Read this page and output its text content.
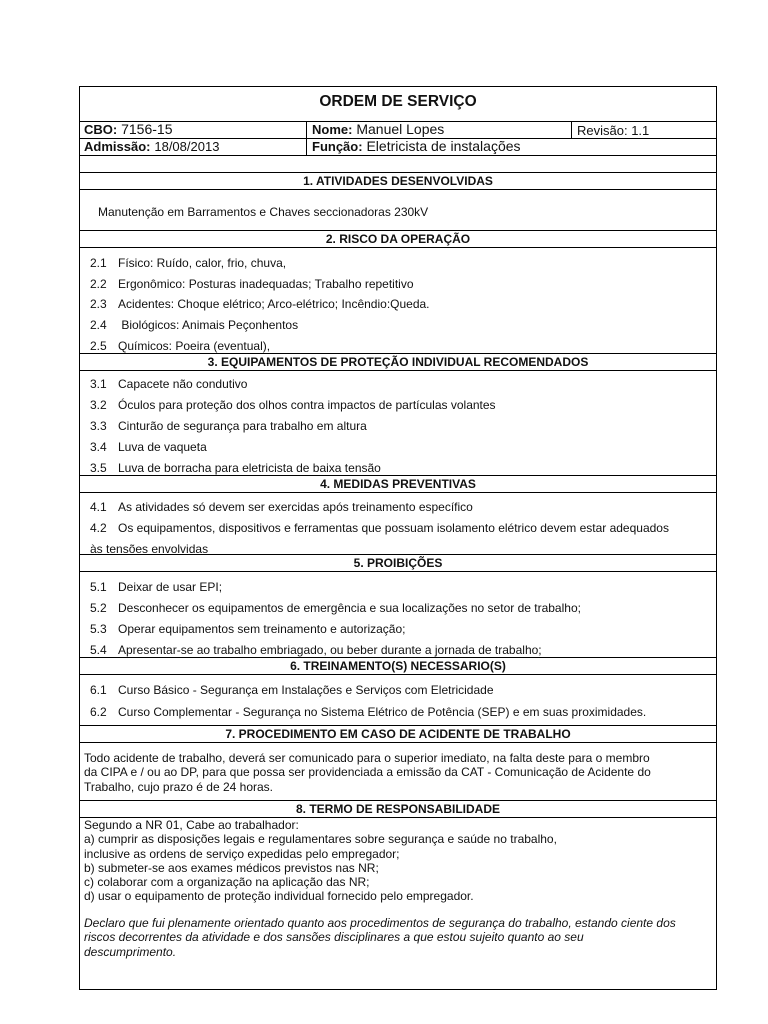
ORDEM DE SERVIÇO
CBO: 7156-15	Nome: Manuel Lopes	Revisão: 1.1
Admissão: 18/08/2013	Função: Eletricista de instalações
1. ATIVIDADES DESENVOLVIDAS
Manutenção em Barramentos e Chaves seccionadoras 230kV
2. RISCO DA OPERAÇÃO
2.1 Físico: Ruído, calor, frio, chuva,
2.2 Ergonômico: Posturas inadequadas; Trabalho repetitivo
2.3 Acidentes: Choque elétrico; Arco-elétrico; Incêndio:Queda.
2.4 Biológicos: Animais Peçonhentos
2.5 Químicos: Poeira (eventual),
3. EQUIPAMENTOS DE PROTEÇÃO INDIVIDUAL RECOMENDADOS
3.1 Capacete não condutivo
3.2 Óculos para proteção dos olhos contra impactos de partículas volantes
3.3 Cinturão de segurança para trabalho em altura
3.4 Luva de vaqueta
3.5 Luva de borracha para eletricista de baixa tensão
4. MEDIDAS PREVENTIVAS
4.1 As atividades só devem ser exercidas após treinamento específico
4.2 Os equipamentos, dispositivos e ferramentas que possuam isolamento elétrico devem estar adequados
às tensões envolvidas
5. PROIBIÇÕES
5.1 Deixar de usar EPI;
5.2 Desconhecer os equipamentos de emergência e sua localizações no setor de trabalho;
5.3 Operar equipamentos sem treinamento e autorização;
5.4 Apresentar-se ao trabalho embriagado, ou beber durante a jornada de trabalho;
6. TREINAMENTO(S) NECESSARIO(S)
6.1 Curso Básico - Segurança em Instalações e Serviços com Eletricidade
6.2 Curso Complementar - Segurança no Sistema Elétrico de Potência (SEP) e em suas proximidades.
7. PROCEDIMENTO EM CASO DE ACIDENTE DE TRABALHO
Todo acidente de trabalho, deverá ser comunicado para o superior imediato, na falta deste para o membro
da CIPA e / ou ao DP, para que possa ser providenciada a emissão da CAT - Comunicação de Acidente do
Trabalho, cujo prazo é de 24 horas.
8. TERMO DE RESPONSABILIDADE
Segundo a NR 01, Cabe ao trabalhador:
a) cumprir as disposições legais e regulamentares sobre segurança e saúde no trabalho,
inclusive as ordens de serviço expedidas pelo empregador;
b) submeter-se aos exames médicos previstos nas NR;
c) colaborar com a organização na aplicação das NR;
d) usar o equipamento de proteção individual fornecido pelo empregador.
Declaro que fui plenamente orientado quanto aos procedimentos de segurança do trabalho, estando ciente dos
riscos decorrentes da atividade e dos sansões disciplinares a que estou sujeito quanto ao seu
descumprimento.
